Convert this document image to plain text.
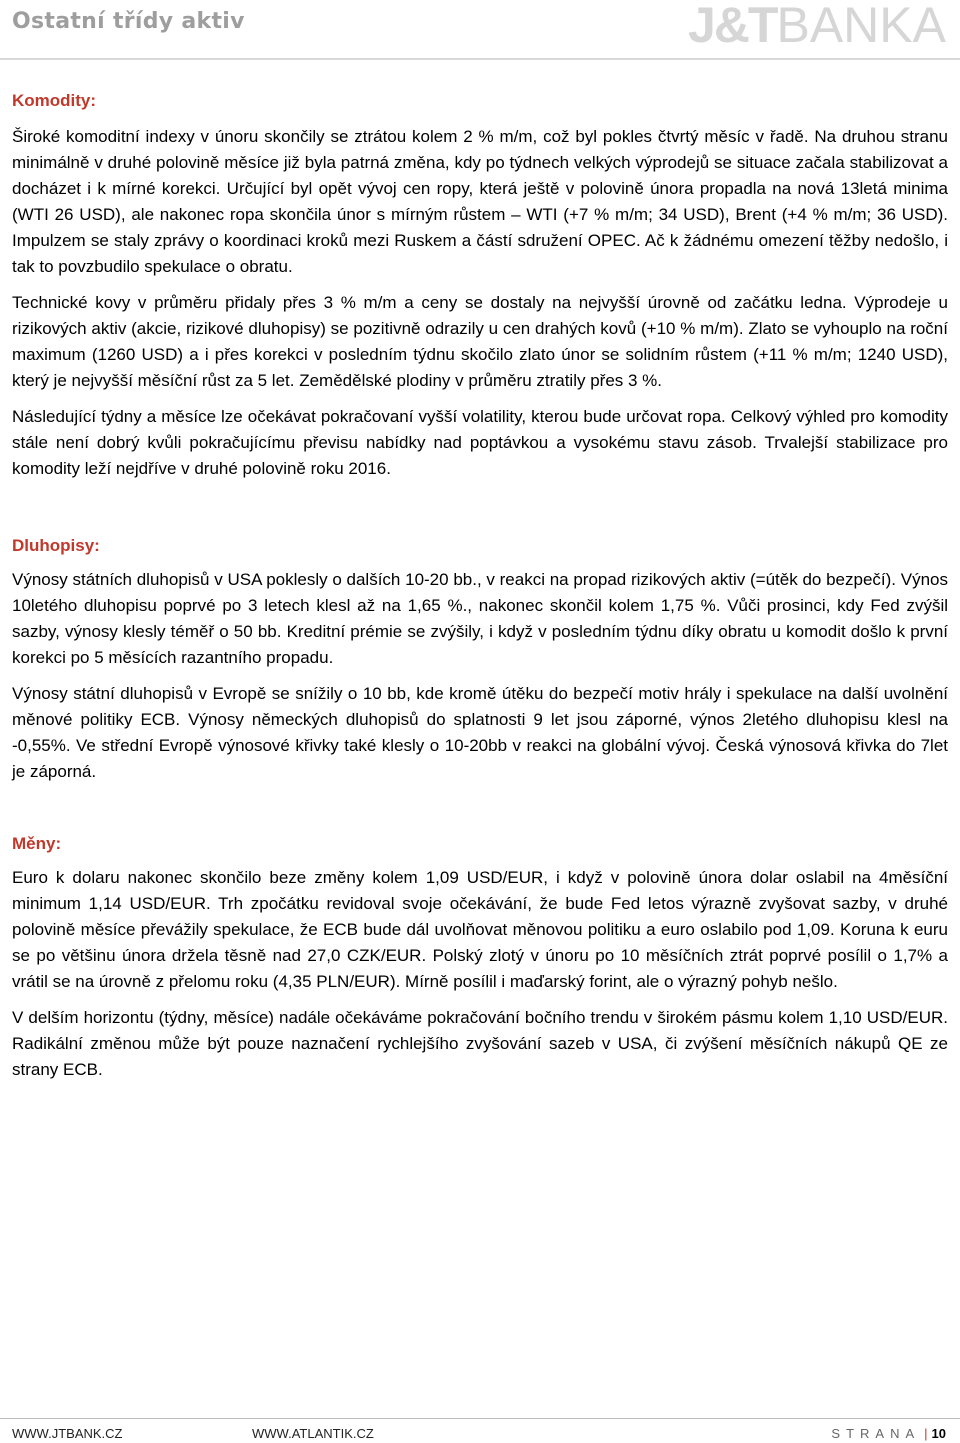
Ostatní třídy aktiv	J&TBANKA
Komodity:

Široké komoditní indexy v únoru skončily se ztrátou kolem 2 % m/m, což byl pokles čtvrtý měsíc v řadě. Na druhou stranu minimálně v druhé polovině měsíce již byla patrná změna, kdy po týdnech velkých výprodejů se situace začala stabilizovat a docházet i k mírné korekci. Určující byl opět vývoj cen ropy, která ještě v polovině února propadla na nová 13letá minima (WTI 26 USD), ale nakonec ropa skončila únor s mírným růstem – WTI (+7 % m/m; 34 USD), Brent (+4 % m/m; 36 USD). Impulzem se staly zprávy o koordinaci kroků mezi Ruskem a částí sdružení OPEC. Ač k žádnému omezení těžby nedošlo, i tak to povzbudilo spekulace o obratu.

Technické kovy v průměru přidaly přes 3 % m/m a ceny se dostaly na nejvyšší úrovně od začátku ledna. Výprodeje u rizikových aktiv (akcie, rizikové dluhopisy) se pozitivně odrazily u cen drahých kovů (+10 % m/m). Zlato se vyhouplo na roční maximum (1260 USD) a i přes korekci v posledním týdnu skočilo zlato únor se solidním růstem (+11 % m/m; 1240 USD), který je nejvyšší měsíční růst za 5 let. Zemědělské plodiny v průměru ztratily přes 3 %.

Následující týdny a měsíce lze očekávat pokračovaní vyšší volatility, kterou bude určovat ropa. Celkový výhled pro komodity stále není dobrý kvůli pokračujícímu převisu nabídky nad poptávkou a vysokému stavu zásob. Trvalejší stabilizace pro komodity leží nejdříve v druhé polovině roku 2016.

Dluhopisy:

Výnosy státních dluhopisů v USA poklesly o dalších 10-20 bb., v reakci na propad rizikových aktiv (=útěk do bezpečí). Výnos 10letého dluhopisu poprvé po 3 letech klesl až na 1,65 %., nakonec skončil kolem 1,75 %. Vůči prosinci, kdy Fed zvýšil sazby, výnosy klesly téměř o 50 bb. Kreditní prémie se zvýšily, i když v posledním týdnu díky obratu u komodit došlo k první korekci po 5 měsících razantního propadu.

Výnosy státní dluhopisů v Evropě se snížily o 10 bb, kde kromě útěku do bezpečí motiv hrály i spekulace na další uvolnění měnové politiky ECB. Výnosy německých dluhopisů do splatnosti 9 let jsou záporné, výnos 2letého dluhopisu klesl na -0,55%. Ve střední Evropě výnosové křivky také klesly o 10-20bb v reakci na globální vývoj. Česká výnosová křivka do 7let je záporná.

Měny:

Euro k dolaru nakonec skončilo beze změny kolem 1,09 USD/EUR, i když v polovině února dolar oslabil na 4měsíční minimum 1,14 USD/EUR. Trh zpočátku revidoval svoje očekávání, že bude Fed letos výrazně zvyšovat sazby, v druhé polovině měsíce převážily spekulace, že ECB bude dál uvolňovat měnovou politiku a euro oslabilo pod 1,09. Koruna k euru se po většinu února držela těsně nad 27,0 CZK/EUR. Polský zlotý v únoru po 10 měsíčních ztrát poprvé posílil o 1,7% a vrátil se na úrovně z přelomu roku (4,35 PLN/EUR). Mírně posílil i maďarský forint, ale o výrazný pohyb nešlo.

V delším horizontu (týdny, měsíce) nadále očekáváme pokračování bočního trendu v širokém pásmu kolem 1,10 USD/EUR. Radikální změnou může být pouze naznačení rychlejšího zvyšování sazeb v USA, či zvýšení měsíčních nákupů QE ze strany ECB.

WWW.JTBANK.CZ	WWW.ATLANTIK.CZ	STRANA | 10
